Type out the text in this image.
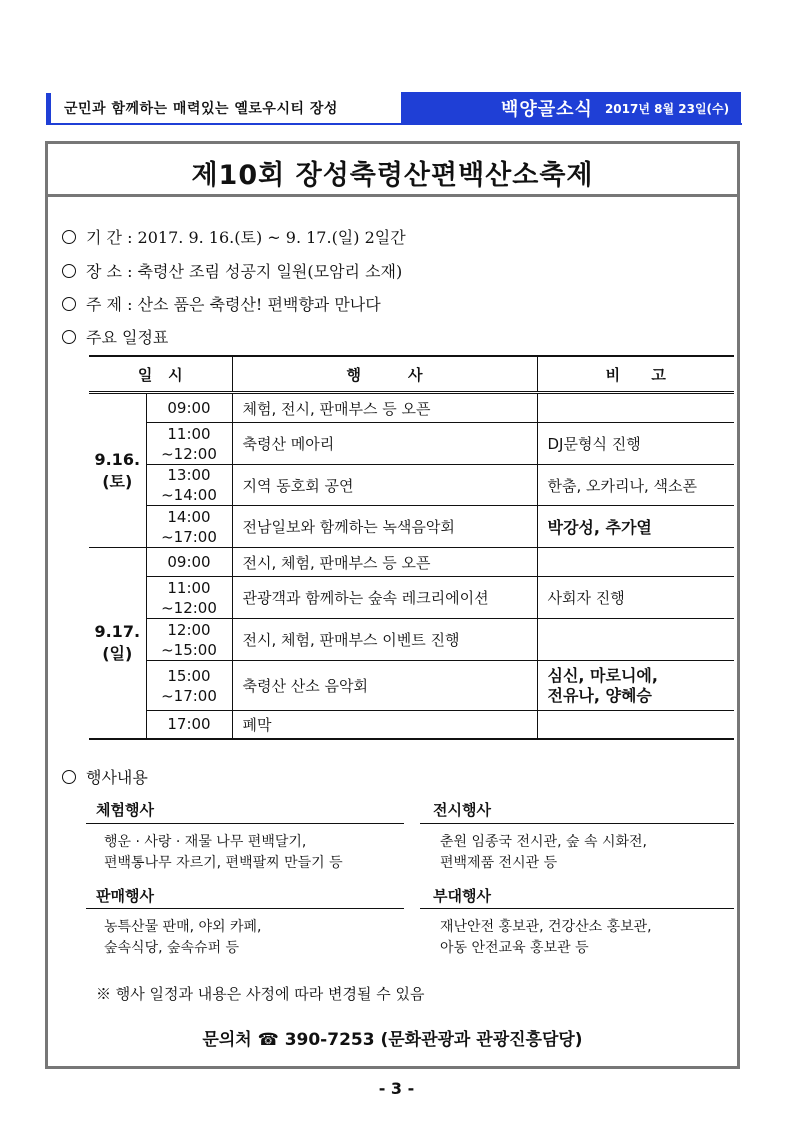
군민과 함께하는 매력있는 옐로우시티 장성	백양골소식 2017년 8월 23일(수)
제10회 장성축령산편백산소축제
기 간 : 2017. 9. 16.(토) ~ 9. 17.(일) 2일간
장 소 : 축령산 조림 성공지 일원(모암리 소재)
주 제 : 산소 품은 축령산! 편백향과 만나다
주요 일정표
일   시		행         사	비      고
9.16.
(토)	09:00	체험, 전시, 판매부스 등 오픈	
	11:00
~12:00	축령산 메아리	DJ문형식 진행
	13:00
~14:00	지역 동호회 공연	한춤, 오카리나, 색소폰
	14:00
~17:00	전남일보와 함께하는 녹색음악회	박강성, 추가열
9.17.
(일)	09:00	전시, 체험, 판매부스 등 오픈	
	11:00
~12:00	관광객과 함께하는 숲속 레크리에이션	사회자 진행
	12:00
~15:00	전시, 체험, 판매부스 이벤트 진행	
	15:00
~17:00	축령산 산소 음악회	심신, 마로니에,
전유나, 양혜승
	17:00	폐막	
행사내용
체험행사
행운 · 사랑 · 재물 나무 편백달기,
편백통나무 자르기, 편백팔찌 만들기 등
전시행사
춘원 임종국 전시관, 숲 속 시화전,
편백제품 전시관 등
판매행사
농특산물 판매, 야외 카페,
숲속식당, 숲속슈퍼 등
부대행사
재난안전 홍보관, 건강산소 홍보관,
아동 안전교육 홍보관 등
※ 행사 일정과 내용은 사정에 따라 변경될 수 있음
문의처 ☎ 390-7253 (문화관광과 관광진흥담당)
- 3 -
